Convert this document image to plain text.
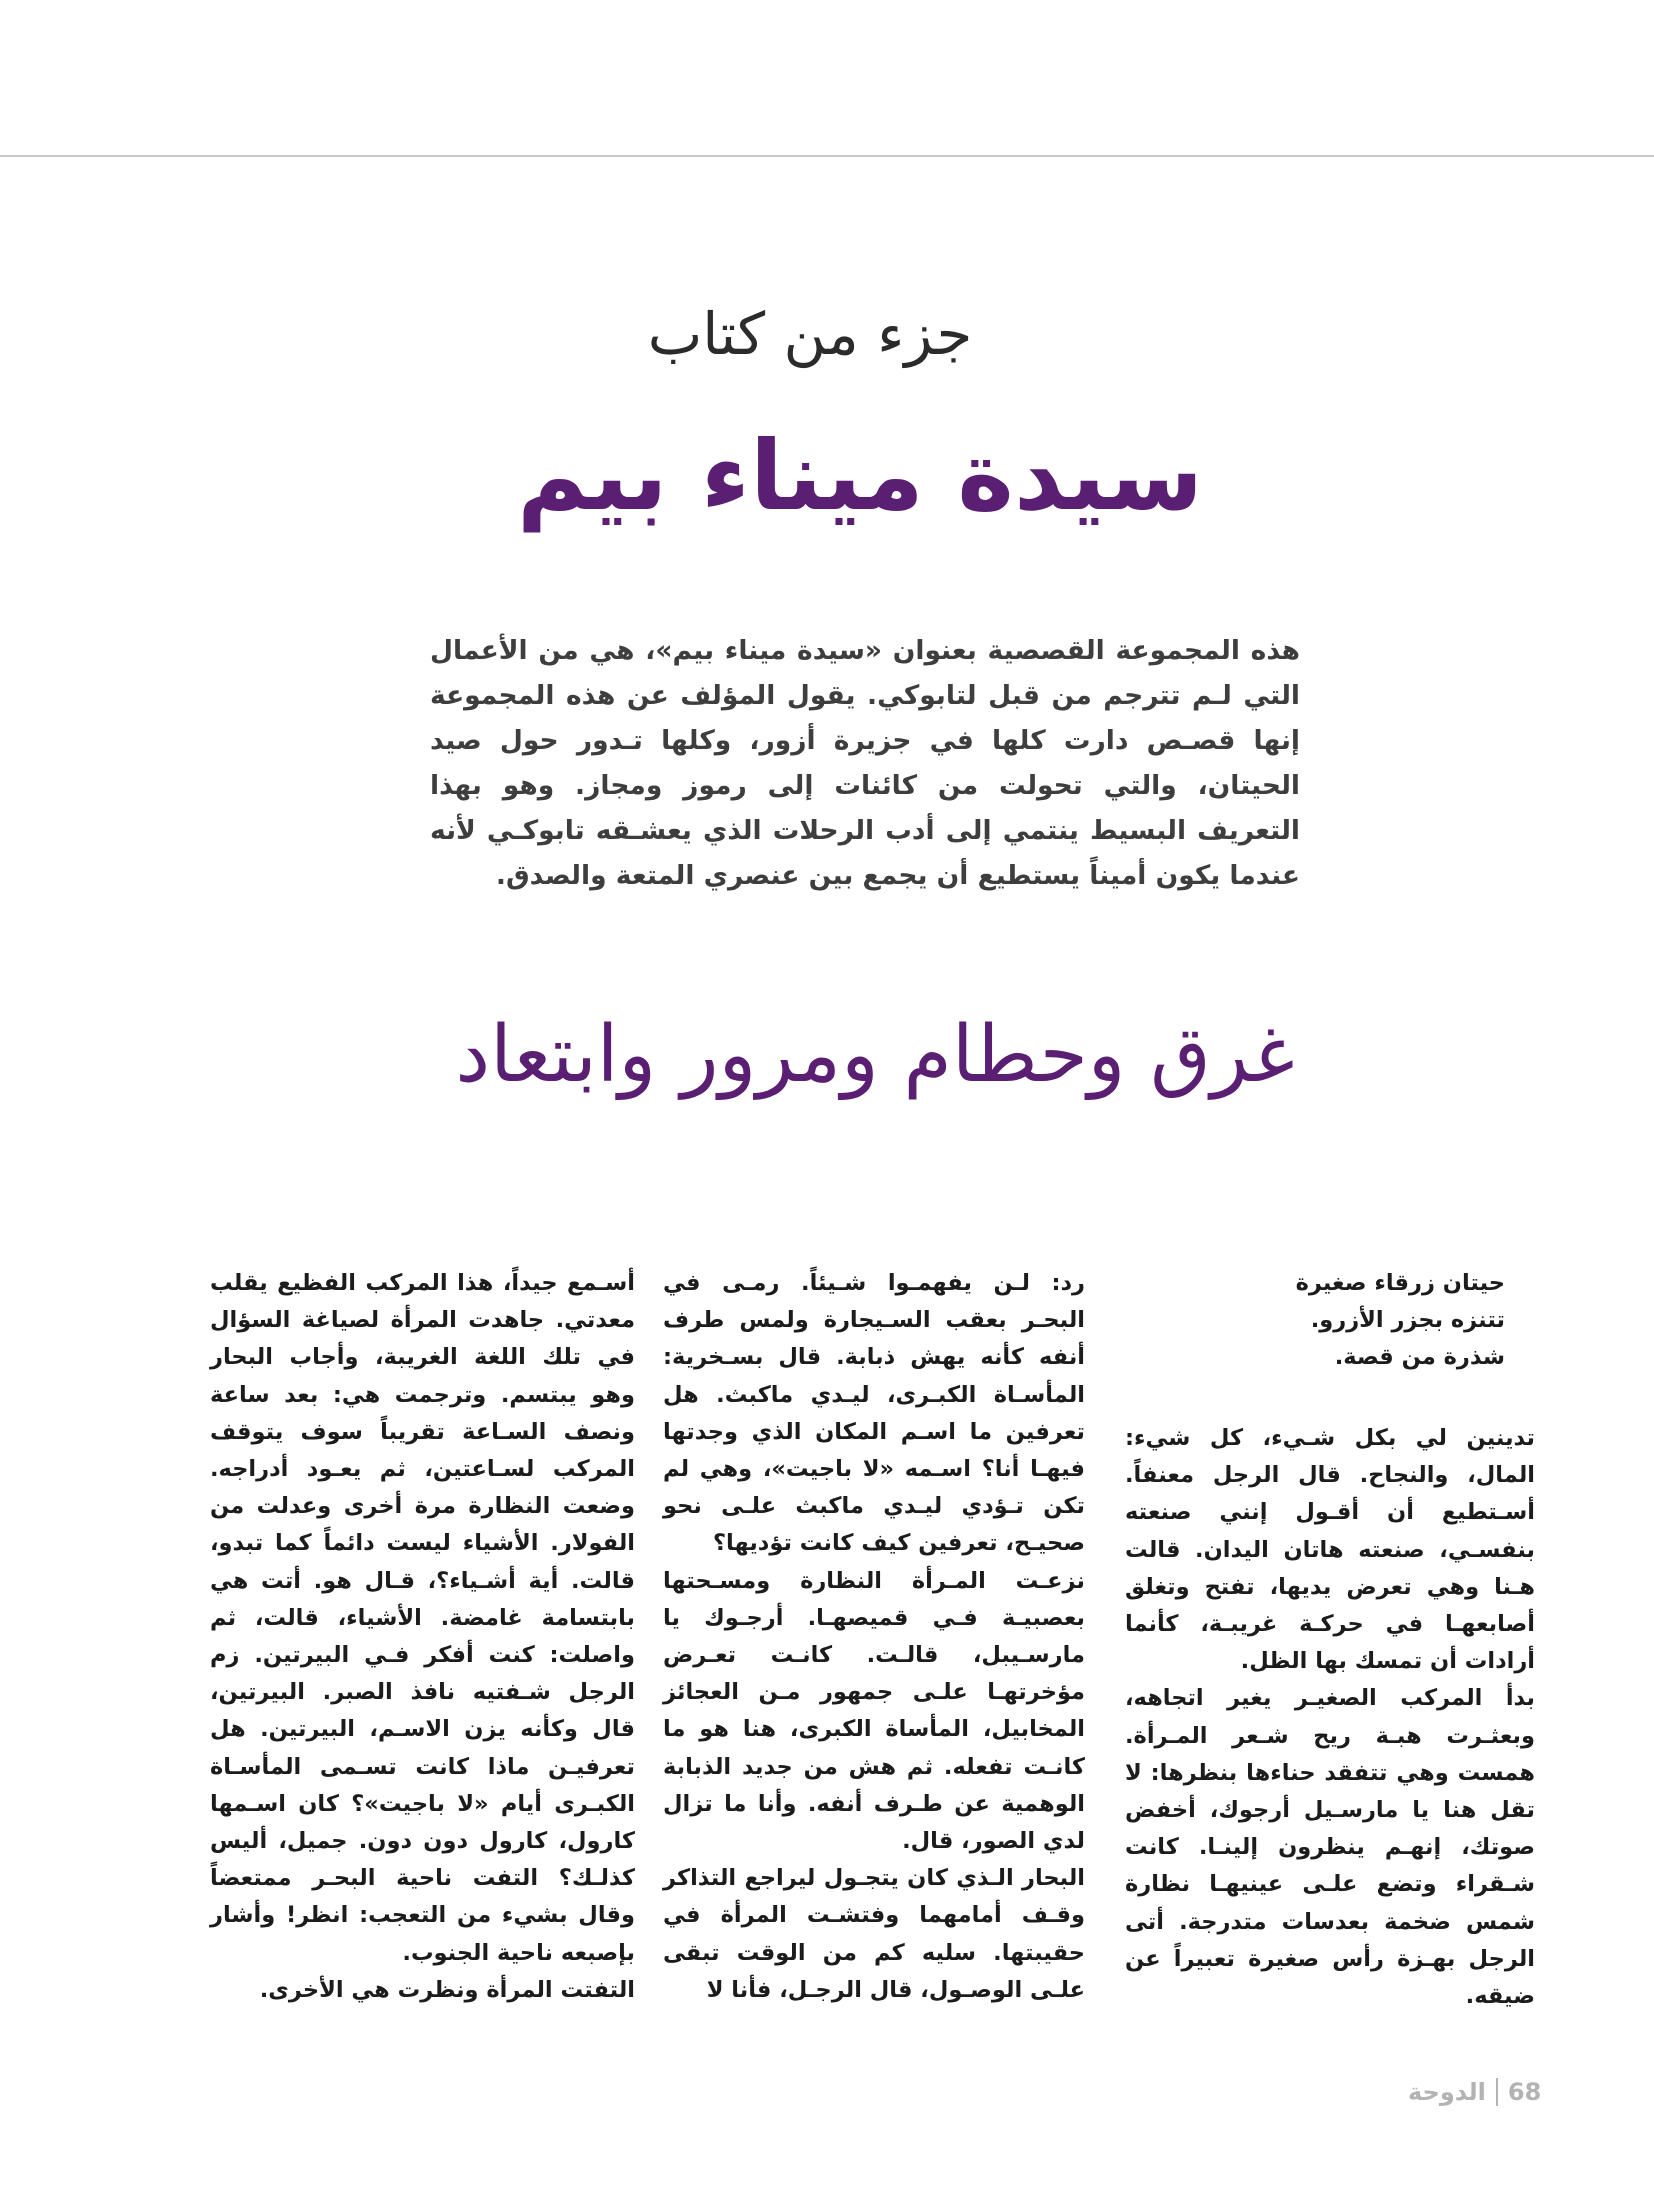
جزء من كتاب
سيدة ميناء بيم
هذه المجموعة القصصية بعنوان «سيدة ميناء بيم»، هي من الأعمال التي لـم تترجم من قبل لتابوكي. يقول المؤلف عن هذه المجموعة إنها قصـص دارت كلها في جزيرة أزور، وكلها تـدور حول صيد الحيتان، والتي تحولت من كائنات إلى رموز ومجاز. وهو بهذا التعريف البسيط ينتمي إلى أدب الرحلات الذي يعشـقه تابوكـي لأنه عندما يكون أميناً يستطيع أن يجمع بين عنصري المتعة والصدق.
غرق وحطام ومرور وابتعاد
حيتان زرقاء صغيرة
تتنزه بجزر الأزرو.
شذرة من قصة.

تدينين لي بكل شـيء، كل شيء: المال، والنجاح. قال الرجل معنفاً. أسـتطيع أن أقـول إنني صنعته بنفسـي، صنعته هاتان اليدان. قالت هـنا وهي تعرض يديها، تفتح وتغلق أصابعهـا في حركـة غريبـة، كأنما أرادات أن تمسك بها الظل.

بدأ المركب الصغيـر يغير اتجاهه، وبعثـرت هبـة ريح شـعر المـرأة. همست وهي تتفقد حناءها بنظرها: لا تقل هنا يا مارسـيل أرجوك، أخفض صوتك، إنهـم ينظرون إلينـا. كانت شـقراء وتضع علـى عينيهـا نظارة شمس ضخمة بعدسات متدرجة. أتى الرجل بهـزة رأس صغيرة تعبيراً عن ضيقه.

رد: لـن يفهمـوا شـيئاً. رمـى في البحـر بعقب السـيجارة ولمس طرف أنفه كأنه يهش ذبابة. قال بسـخرية: المأسـاة الكبـرى، ليـدي ماكبث. هل تعرفين ما اسـم المكان الذي وجدتها فيهـا أنا؟ اسـمه «لا باجيت»، وهي لم تكن تـؤدي ليـدي ماكبث علـى نحو صحيـح، تعرفين كيف كانت تؤديها؟

نزعـت المـرأة النظارة ومسـحتها بعصبيـة فـي قميصهـا. أرجـوك يا مارسـيبل، قالـت. كانـت تعـرض مؤخرتهـا علـى جمهور مـن العجائز المخابيل، المأساة الكبرى، هنا هو ما كانـت تفعله. ثم هش من جديد الذبابة الوهمية عن طـرف أنفه. وأنا ما تزال لدي الصور، قال.

البحار الـذي كان يتجـول ليراجع التذاكر وقـف أمامهما وفتشـت المرأة في حقيبتها. سليه كم من الوقت تبقى علـى الوصـول، قال الرجـل، فأنا لا

أسـمع جيداً، هذا المركب الفظيع يقلب معدتي. جاهدت المرأة لصياغة السؤال في تلك اللغة الغريبة، وأجاب البحار وهو يبتسم. وترجمت هي: بعد ساعة ونصف السـاعة تقريباً سوف يتوقف المركب لسـاعتين، ثم يعـود أدراجه. وضعت النظارة مرة أخرى وعدلت من الفولار. الأشياء ليست دائماً كما تبدو، قالت. أية أشـياء؟، قـال هو. أتت هي بابتسامة غامضة. الأشياء، قالت، ثم واصلت: كنت أفكر فـي البيرتين. زم الرجل شـفتيه نافذ الصبر. البيرتين، قال وكأنه يزن الاسـم، البيرتين. هل تعرفيـن ماذا كانت تسـمى المأسـاة الكبـرى أيام «لا باجيت»؟ كان اسـمها كارول، كارول دون دون. جميل، أليس كذلـك؟ التفت ناحية البحـر ممتعضاً وقال بشيء من التعجب: انظر! وأشار بإصبعه ناحية الجنوب.

التفتت المرأة ونظرت هي الأخرى.

الدوحة 68
